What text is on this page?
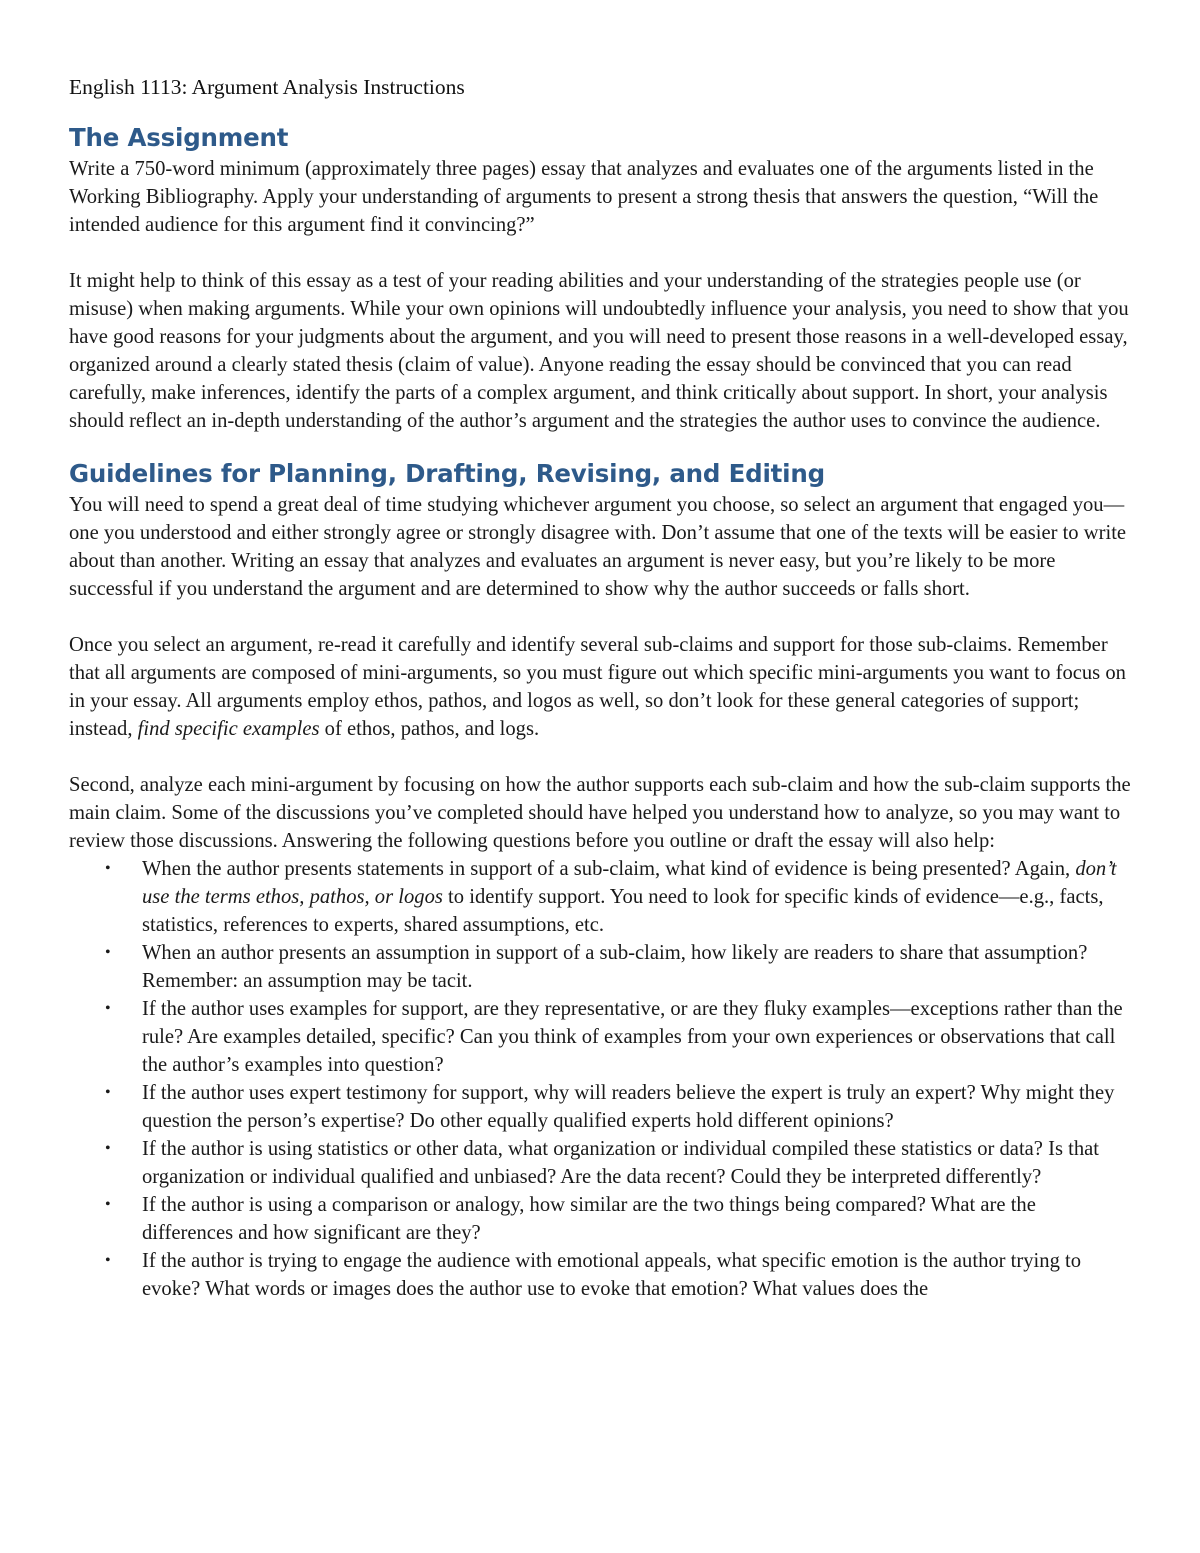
English 1113: Argument Analysis Instructions
The Assignment

Write a 750-word minimum (approximately three pages) essay that analyzes and evaluates one of the arguments listed in the Working Bibliography. Apply your understanding of arguments to present a strong thesis that answers the question, “Will the intended audience for this argument find it convincing?”

It might help to think of this essay as a test of your reading abilities and your understanding of the strategies people use (or misuse) when making arguments. While your own opinions will undoubtedly influence your analysis, you need to show that you have good reasons for your judgments about the argument, and you will need to present those reasons in a well-developed essay, organized around a clearly stated thesis (claim of value). Anyone reading the essay should be convinced that you can read carefully, make inferences, identify the parts of a complex argument, and think critically about support. In short, your analysis should reflect an in-depth understanding of the author’s argument and the strategies the author uses to convince the audience.

Guidelines for Planning, Drafting, Revising, and Editing

You will need to spend a great deal of time studying whichever argument you choose, so select an argument that engaged you—one you understood and either strongly agree or strongly disagree with. Don’t assume that one of the texts will be easier to write about than another. Writing an essay that analyzes and evaluates an argument is never easy, but you’re likely to be more successful if you understand the argument and are determined to show why the author succeeds or falls short.

Once you select an argument, re-read it carefully and identify several sub-claims and support for those sub-claims. Remember that all arguments are composed of mini-arguments, so you must figure out which specific mini-arguments you want to focus on in your essay. All arguments employ ethos, pathos, and logos as well, so don’t look for these general categories of support; instead, find specific examples of ethos, pathos, and logs.

Second, analyze each mini-argument by focusing on how the author supports each sub-claim and how the sub-claim supports the main claim. Some of the discussions you’ve completed should have helped you understand how to analyze, so you may want to review those discussions. Answering the following questions before you outline or draft the essay will also help:

• When the author presents statements in support of a sub-claim, what kind of evidence is being presented? Again, don’t use the terms ethos, pathos, or logos to identify support. You need to look for specific kinds of evidence—e.g., facts, statistics, references to experts, shared assumptions, etc.
• When an author presents an assumption in support of a sub-claim, how likely are readers to share that assumption? Remember: an assumption may be tacit.
• If the author uses examples for support, are they representative, or are they fluky examples—exceptions rather than the rule? Are examples detailed, specific? Can you think of examples from your own experiences or observations that call the author’s examples into question?
• If the author uses expert testimony for support, why will readers believe the expert is truly an expert? Why might they question the person’s expertise? Do other equally qualified experts hold different opinions?
• If the author is using statistics or other data, what organization or individual compiled these statistics or data? Is that organization or individual qualified and unbiased? Are the data recent? Could they be interpreted differently?
• If the author is using a comparison or analogy, how similar are the two things being compared? What are the differences and how significant are they?
• If the author is trying to engage the audience with emotional appeals, what specific emotion is the author trying to evoke? What words or images does the author use to evoke that emotion? What values does the
